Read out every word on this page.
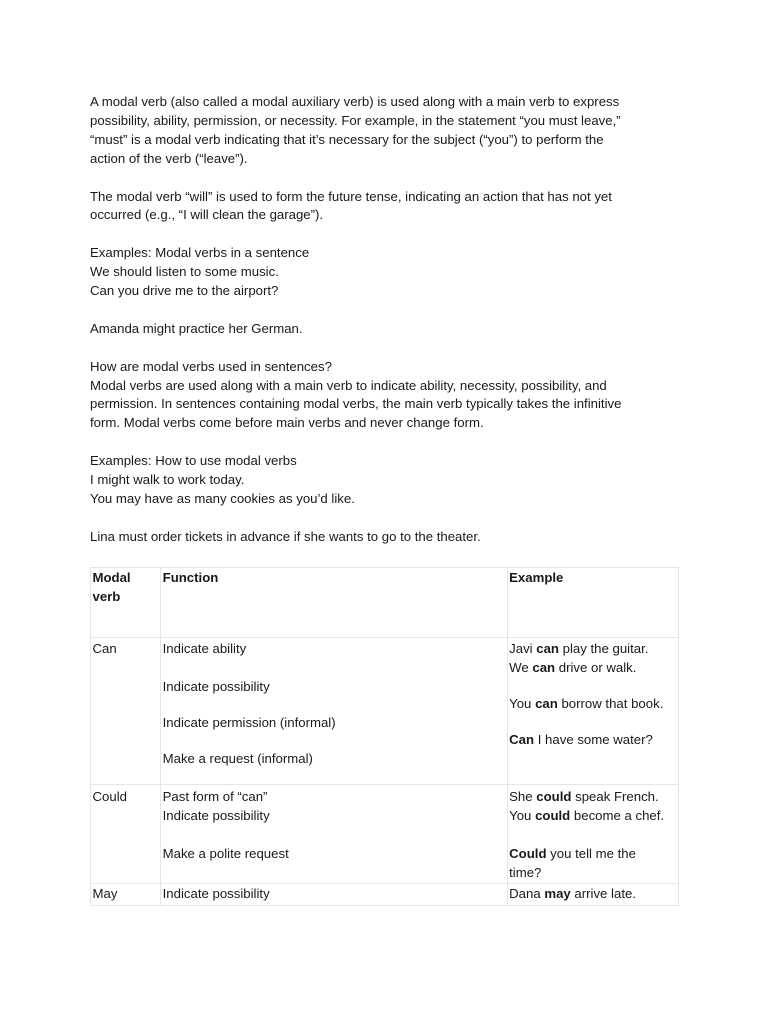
A modal verb (also called a modal auxiliary verb) is used along with a main verb to express
possibility, ability, permission, or necessity. For example, in the statement “you must leave,”
“must” is a modal verb indicating that it’s necessary for the subject (“you”) to perform the
action of the verb (“leave”).

The modal verb “will” is used to form the future tense, indicating an action that has not yet
occurred (e.g., “I will clean the garage”).

Examples: Modal verbs in a sentence
We should listen to some music.
Can you drive me to the airport?

Amanda might practice her German.

How are modal verbs used in sentences?
Modal verbs are used along with a main verb to indicate ability, necessity, possibility, and
permission. In sentences containing modal verbs, the main verb typically takes the infinitive
form. Modal verbs come before main verbs and never change form.

Examples: How to use modal verbs
I might walk to work today.
You may have as many cookies as you’d like.

Lina must order tickets in advance if she wants to go to the theater.

Modal
verb	Function	Example

Can	Indicate ability
Indicate possibility
Indicate permission (informal)
Make a request (informal)	Javi can play the guitar.
We can drive or walk.
You can borrow that book.
Can I have some water?

Could	Past form of “can”
Indicate possibility
Make a polite request	She could speak French.
You could become a chef.
Could you tell me the
time?

May	Indicate possibility	Dana may arrive late.
